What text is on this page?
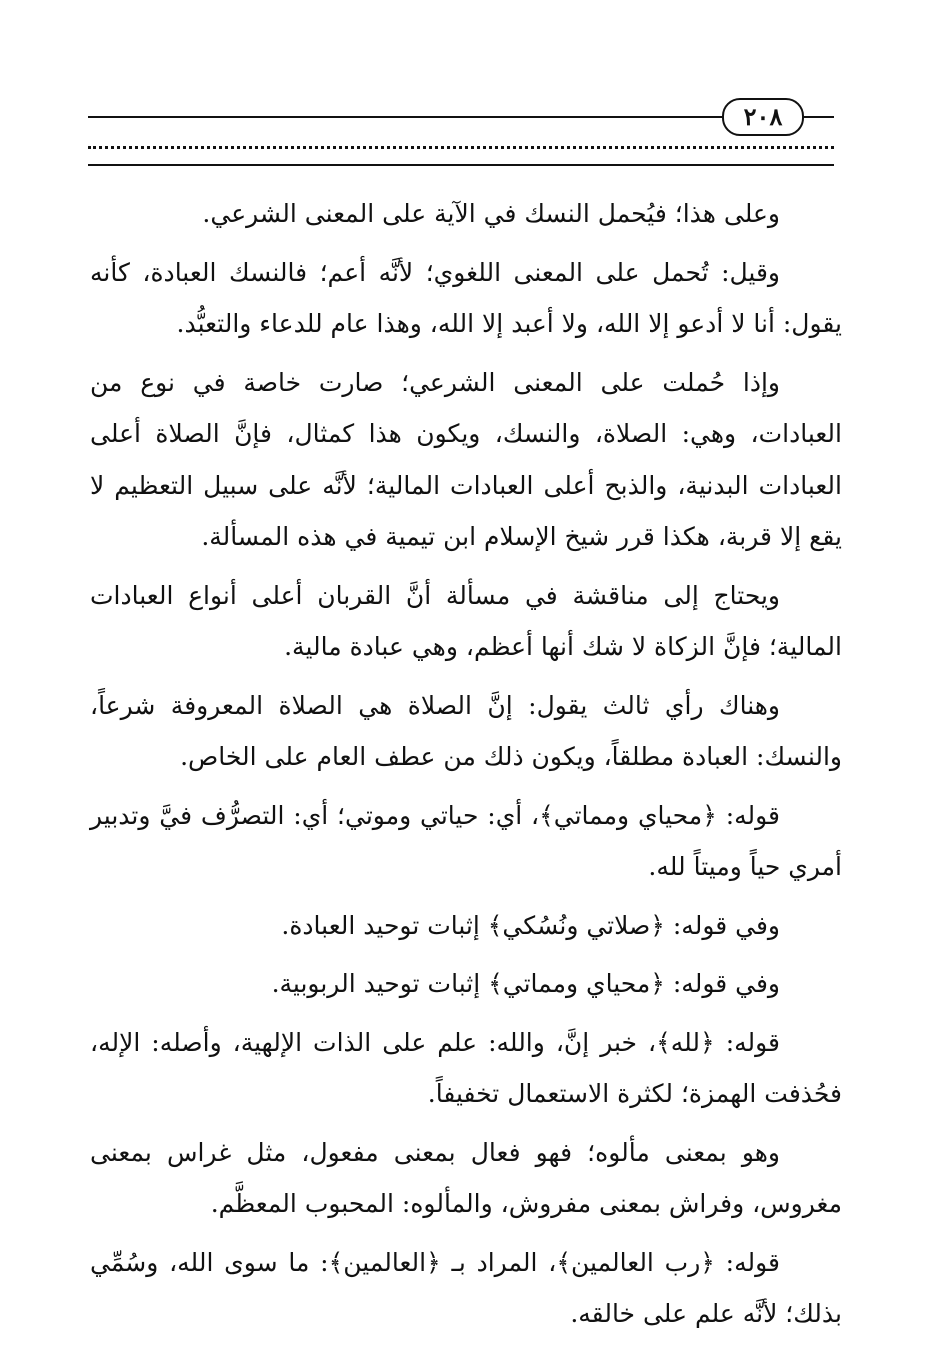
٢٠٨

وعلى هذا؛ فيُحمل النسك في الآية على المعنى الشرعي.

وقيل: تُحمل على المعنى اللغوي؛ لأنَّه أعم؛ فالنسك العبادة، كأنه يقول: أنا لا أدعو إلا الله، ولا أعبد إلا الله، وهذا عام للدعاء والتعبُّد.

وإذا حُملت على المعنى الشرعي؛ صارت خاصة في نوع من العبادات، وهي: الصلاة، والنسك، ويكون هذا كمثال، فإنَّ الصلاة أعلى العبادات البدنية، والذبح أعلى العبادات المالية؛ لأنَّه على سبيل التعظيم لا يقع إلا قربة، هكذا قرر شيخ الإسلام ابن تيمية في هذه المسألة.

ويحتاج إلى مناقشة في مسألة أنَّ القربان أعلى أنواع العبادات المالية؛ فإنَّ الزكاة لا شك أنها أعظم، وهي عبادة مالية.

وهناك رأي ثالث يقول: إنَّ الصلاة هي الصلاة المعروفة شرعاً، والنسك: العبادة مطلقاً، ويكون ذلك من عطف العام على الخاص.

قوله: ﴿محياي ومماتي﴾، أي: حياتي وموتي؛ أي: التصرُّف فيَّ وتدبير أمري حياً وميتاً لله.

وفي قوله: ﴿صلاتي ونُسُكي﴾ إثبات توحيد العبادة.

وفي قوله: ﴿محياي ومماتي﴾ إثبات توحيد الربوبية.

قوله: ﴿لله﴾، خبر إنَّ، والله: علم على الذات الإلهية، وأصله: الإله، فحُذفت الهمزة؛ لكثرة الاستعمال تخفيفاً.

وهو بمعنى مألوه؛ فهو فعال بمعنى مفعول، مثل غراس بمعنى مغروس، وفراش بمعنى مفروش، والمألوه: المحبوب المعظَّم.

قوله: ﴿رب العالمين﴾، المراد بـ ﴿العالمين﴾: ما سوى الله، وسُمِّي بذلك؛ لأنَّه علم على خالقه.
